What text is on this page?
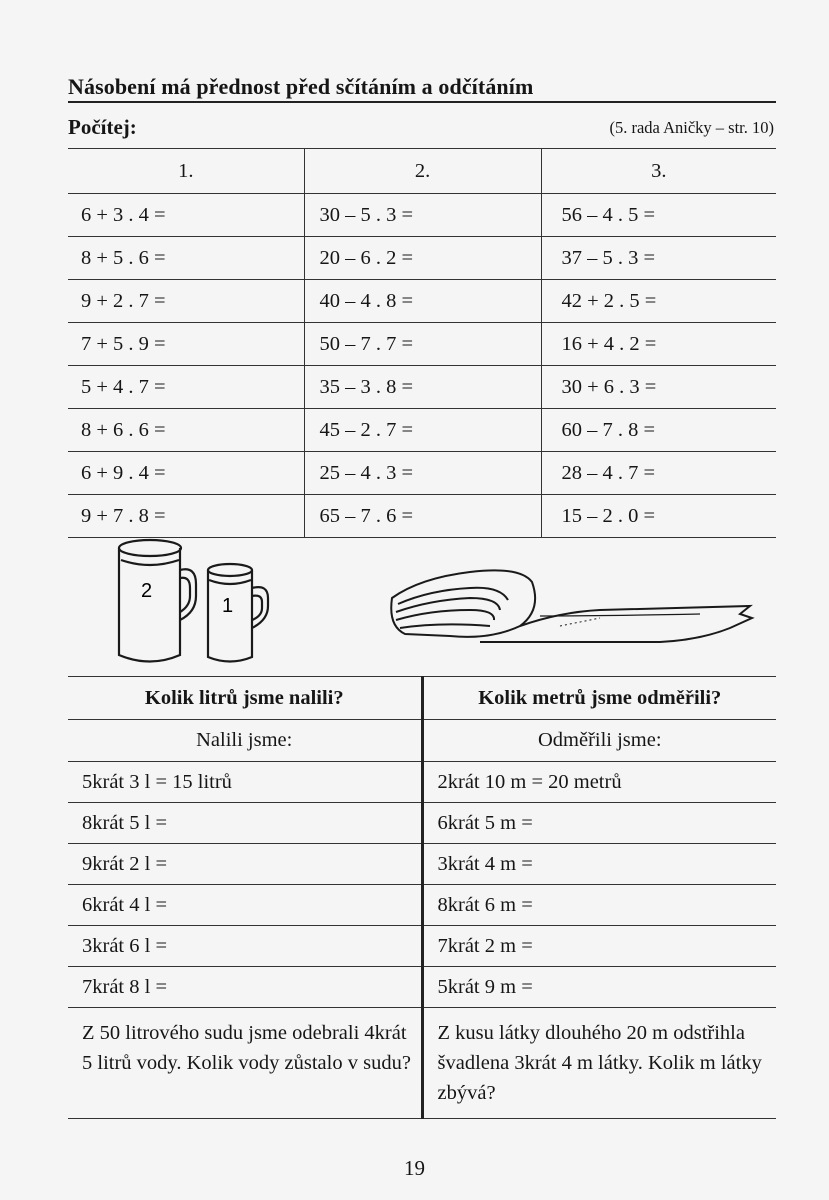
Násobení má přednost před sčítáním a odčítáním
Počítej:	(5. rada Aničky – str. 10)
1.	2.	3.
6 + 3 . 4 =	30 – 5 . 3 =	56 – 4 . 5 =
8 + 5 . 6 =	20 – 6 . 2 =	37 – 5 . 3 =
9 + 2 . 7 =	40 – 4 . 8 =	42 + 2 . 5 =
7 + 5 . 9 =	50 – 7 . 7 =	16 + 4 . 2 =
5 + 4 . 7 =	35 – 3 . 8 =	30 + 6 . 3 =
8 + 6 . 6 =	45 – 2 . 7 =	60 – 7 . 8 =
6 + 9 . 4 =	25 – 4 . 3 =	28 – 4 . 7 =
9 + 7 . 8 =	65 – 7 . 6 =	15 – 2 . 0 =
2
1
Kolik litrů jsme nalili?	Kolik metrů jsme odměřili?
Nalili jsme:	Odměřili jsme:
5krát 3 l = 15 litrů	2krát 10 m = 20 metrů
8krát 5 l =	6krát 5 m =
9krát 2 l =	3krát 4 m =
6krát 4 l =	8krát 6 m =
3krát 6 l =	7krát 2 m =
7krát 8 l =	5krát 9 m =
Z 50 litrového sudu jsme odebrali 4krát 5 litrů vody. Kolik vody zůstalo v sudu?	Z kusu látky dlouhého 20 m odstřihla švadlena 3krát 4 m látky. Kolik m látky zbývá?
19
